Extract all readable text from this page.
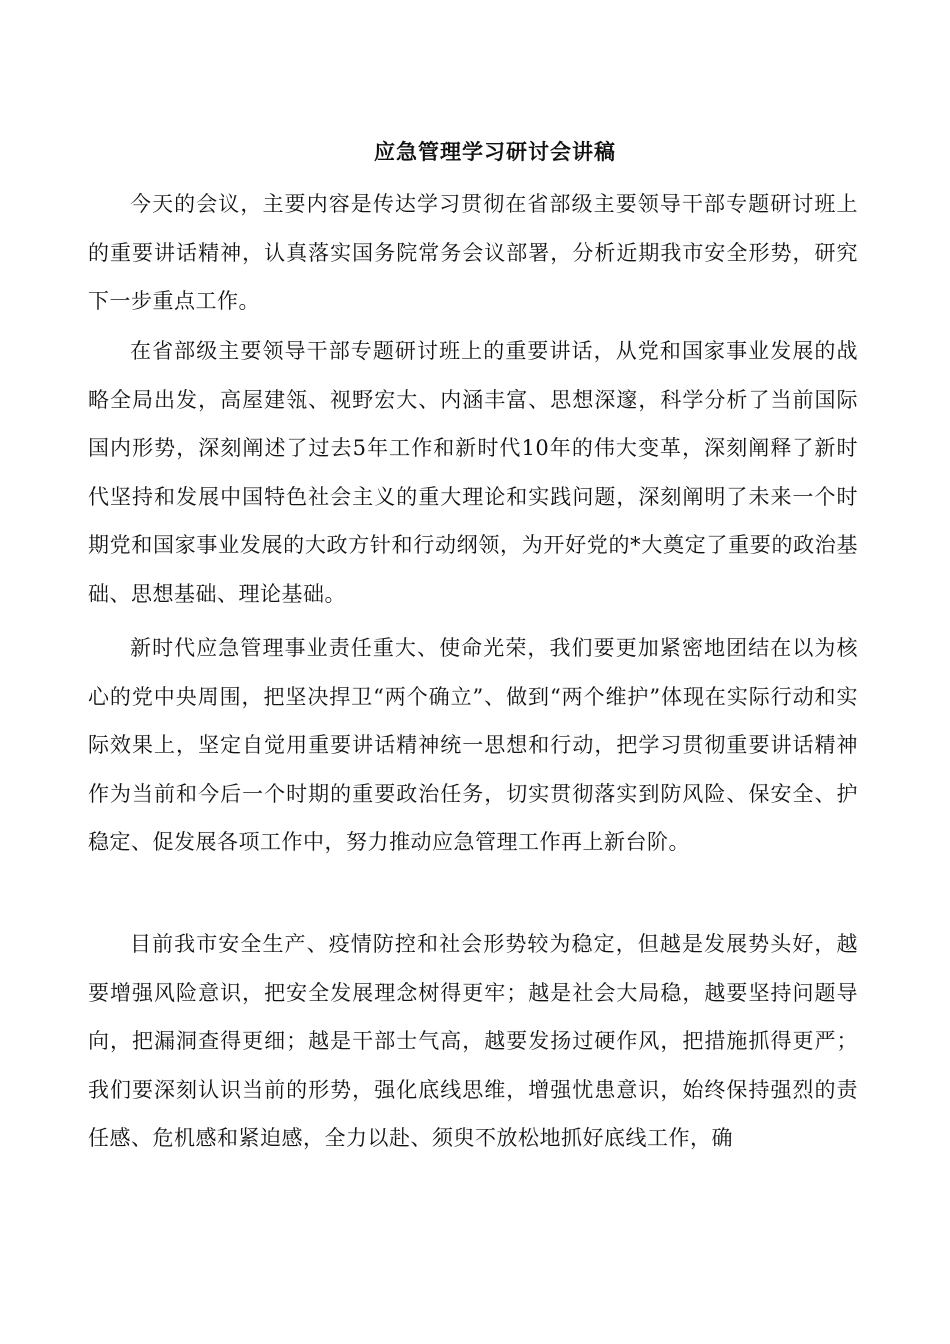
应急管理学习研讨会讲稿

今天的会议，主要内容是传达学习贯彻在省部级主要领导干部专题研讨班上的重要讲话精神，认真落实国务院常务会议部署，分析近期我市安全形势，研究下一步重点工作。

在省部级主要领导干部专题研讨班上的重要讲话，从党和国家事业发展的战略全局出发，高屋建瓴、视野宏大、内涵丰富、思想深邃，科学分析了当前国际国内形势，深刻阐述了过去5年工作和新时代10年的伟大变革，深刻阐释了新时代坚持和发展中国特色社会主义的重大理论和实践问题，深刻阐明了未来一个时期党和国家事业发展的大政方针和行动纲领，为开好党的*大奠定了重要的政治基础、思想基础、理论基础。

新时代应急管理事业责任重大、使命光荣，我们要更加紧密地团结在以为核心的党中央周围，把坚决捍卫“两个确立”、做到“两个维护”体现在实际行动和实际效果上，坚定自觉用重要讲话精神统一思想和行动，把学习贯彻重要讲话精神作为当前和今后一个时期的重要政治任务，切实贯彻落实到防风险、保安全、护稳定、促发展各项工作中，努力推动应急管理工作再上新台阶。

目前我市安全生产、疫情防控和社会形势较为稳定，但越是发展势头好，越要增强风险意识，把安全发展理念树得更牢；越是社会大局稳，越要坚持问题导向，把漏洞查得更细；越是干部士气高，越要发扬过硬作风，把措施抓得更严；我们要深刻认识当前的形势，强化底线思维，增强忧患意识，始终保持强烈的责任感、危机感和紧迫感，全力以赴、须臾不放松地抓好底线工作，确
